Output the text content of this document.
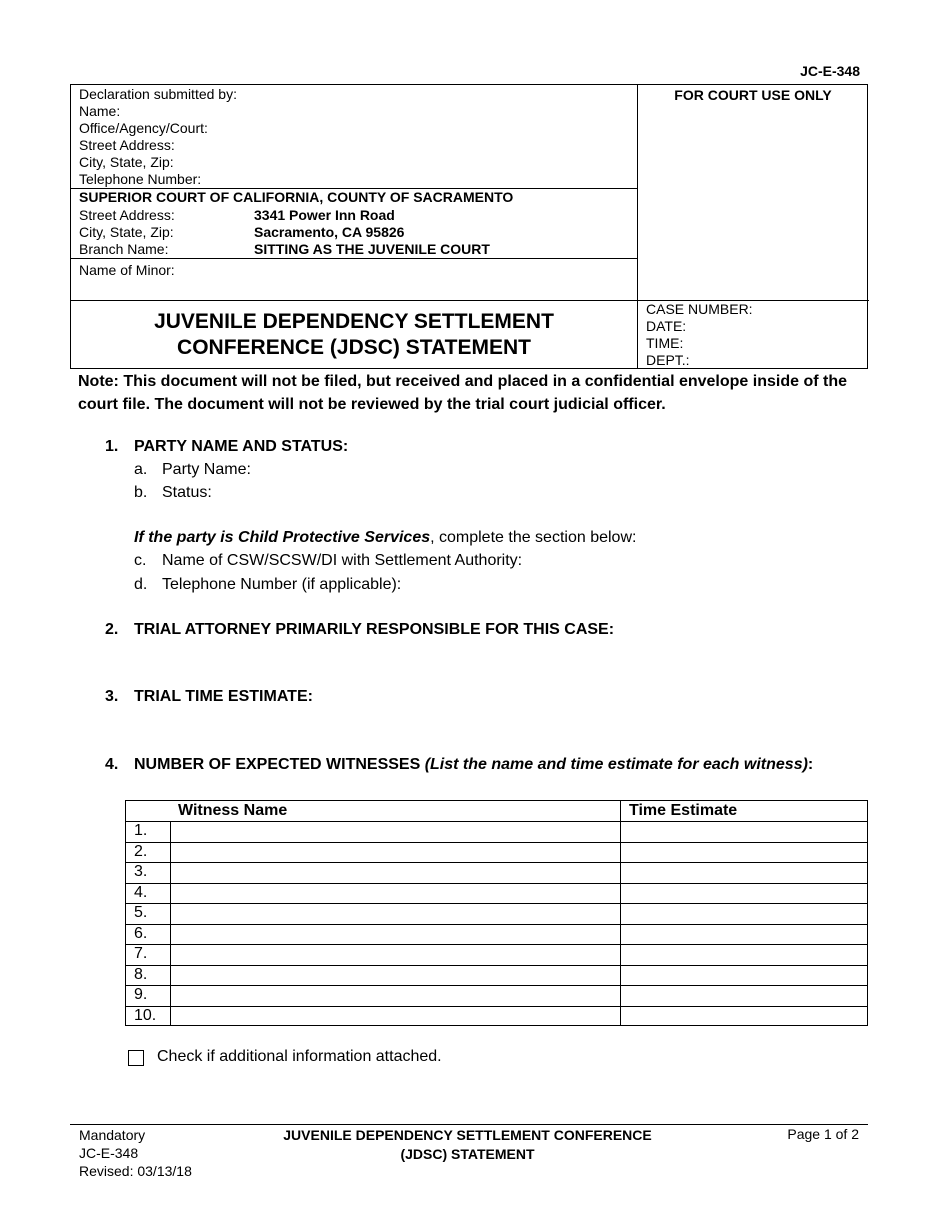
JC-E-348
Declaration submitted by:
Name:
Office/Agency/Court:
Street Address:
City, State, Zip:
Telephone Number:
SUPERIOR COURT OF CALIFORNIA, COUNTY OF SACRAMENTO
Street Address:	3341 Power Inn Road
City, State, Zip:	Sacramento, CA 95826
Branch Name:	SITTING AS THE JUVENILE COURT
Name of Minor:
FOR COURT USE ONLY
JUVENILE DEPENDENCY SETTLEMENT
CONFERENCE (JDSC) STATEMENT
CASE NUMBER:
DATE:
TIME:
DEPT.:
Note: This document will not be filed, but received and placed in a confidential envelope inside of the court file. The document will not be reviewed by the trial court judicial officer.
1. PARTY NAME AND STATUS:
a. Party Name:
b. Status:
If the party is Child Protective Services, complete the section below:
c. Name of CSW/SCSW/DI with Settlement Authority:
d. Telephone Number (if applicable):
2. TRIAL ATTORNEY PRIMARILY RESPONSIBLE FOR THIS CASE:
3. TRIAL TIME ESTIMATE:
4. NUMBER OF EXPECTED WITNESSES (List the name and time estimate for each witness):
Witness Name	Time Estimate
1.
2.
3.
4.
5.
6.
7.
8.
9.
10.
Check if additional information attached.
Mandatory
JC-E-348
Revised: 03/13/18
JUVENILE DEPENDENCY SETTLEMENT CONFERENCE
(JDSC) STATEMENT
Page 1 of 2
